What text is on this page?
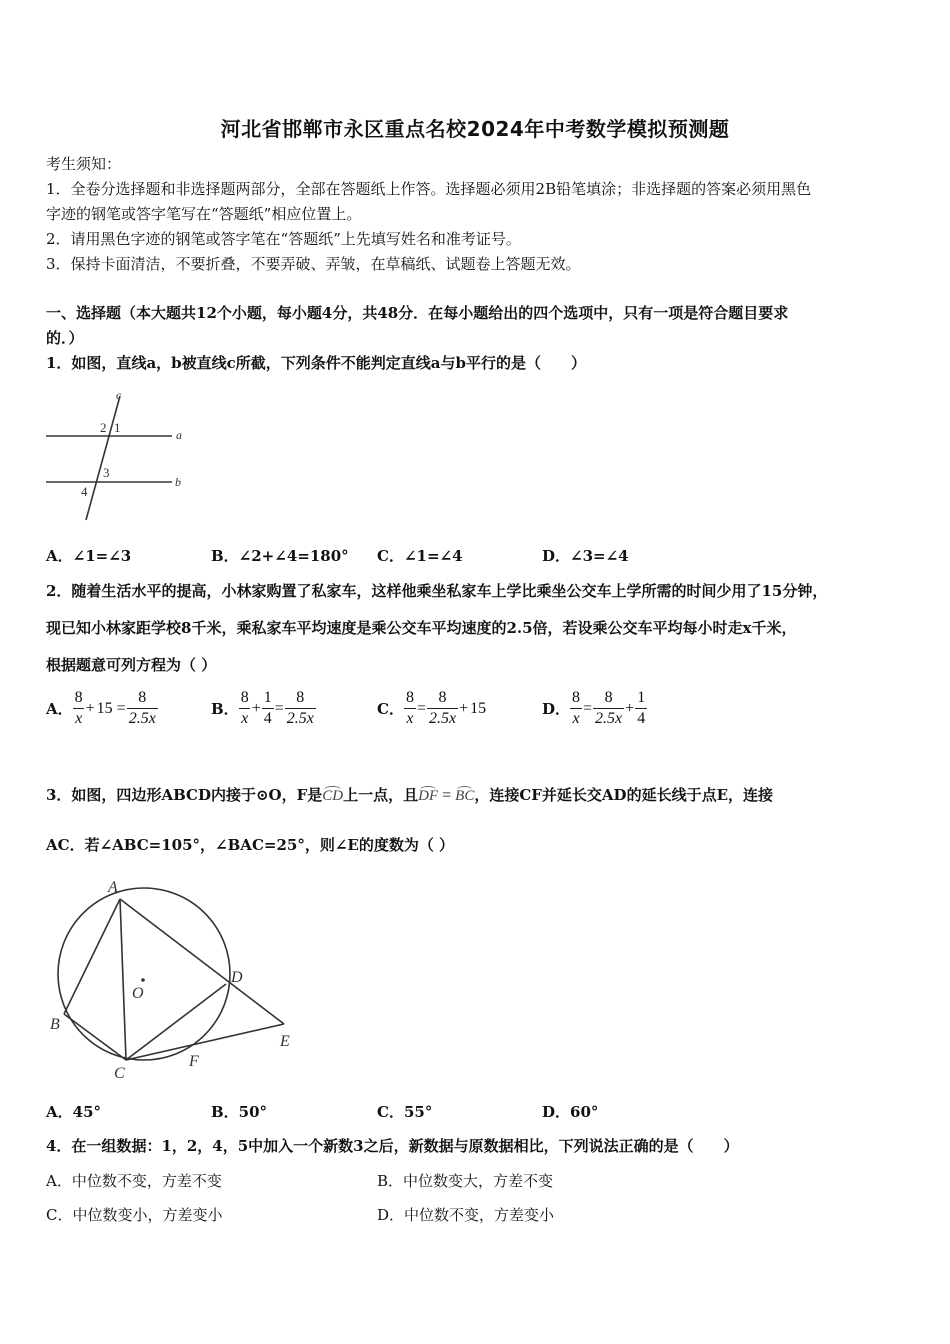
河北省邯郸市永区重点名校2024年中考数学模拟预测题
考生须知：
1．全卷分选择题和非选择题两部分，全部在答题纸上作答。选择题必须用2B铅笔填涂；非选择题的答案必须用黑色
字迹的钢笔或答字笔写在“答题纸”相应位置上。
2．请用黑色字迹的钢笔或答字笔在“答题纸”上先填写姓名和准考证号。
3．保持卡面清洁，不要折叠，不要弄破、弄皱，在草稿纸、试题卷上答题无效。
一、选择题（本大题共12个小题，每小题4分，共48分．在每小题给出的四个选项中，只有一项是符合题目要求
的．）
1．如图，直线a，b被直线c所截，下列条件不能判定直线a与b平行的是（　　）
c
a
b
2 1
3
4
A．∠1=∠3	B．∠2+∠4=180° C．∠1=∠4	D．∠3=∠4
2．随着生活水平的提高，小林家购置了私家车，这样他乘坐私家车上学比乘坐公交车上学所需的时间少用了15分钟，
现已知小林家距学校8千米，乘私家车平均速度是乘公交车平均速度的2.5倍，若设乘公交车平均每小时走x千米，
根据题意可列方程为（ ）
A． $\frac{8}{x} + 15 = \frac{8}{2.5x}$	B． $\frac{8}{x} + \frac{1}{4} = \frac{8}{2.5x}$	C． $\frac{8}{x} = \frac{8}{2.5x} + 15$	D． $\frac{8}{x} = \frac{8}{2.5x} + \frac{1}{4}$
3．如图，四边形ABCD内接于⊙O，F是CD上一点，且DF = BC，连接CF并延长交AD的延长线于点E，连接
AC．若∠ABC=105°，∠BAC=25°，则∠E的度数为（ ）
A
B
C
D
E
F
O
A．45°	B．50°	C．55°	D．60°
4．在一组数据：1，2，4，5中加入一个新数3之后，新数据与原数据相比，下列说法正确的是（　　）
A．中位数不变，方差不变	B．中位数变大，方差不变
C．中位数变小，方差变小	D．中位数不变，方差变小
